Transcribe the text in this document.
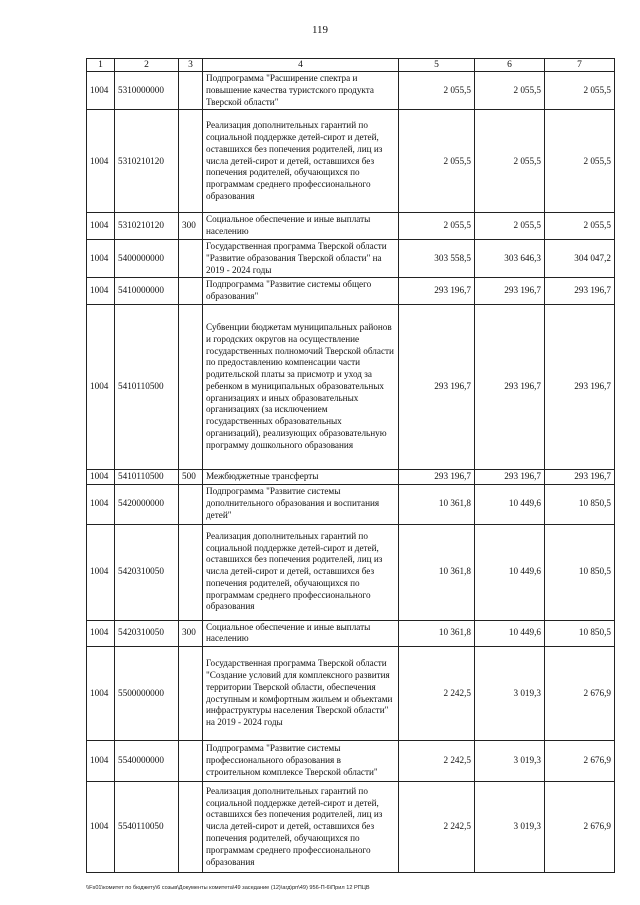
119
1	2	3	4	5	6	7
1004	5310000000		Подпрограмма "Расширение спектра и повышение качества туристского продукта Тверской области"	2 055,5	2 055,5	2 055,5
1004	5310210120		Реализация дополнительных гарантий по социальной поддержке детей-сирот и детей, оставшихся без попечения родителей, лиц из числа детей-сирот и детей, оставшихся без попечения родителей, обучающихся по программам среднего профессионального образования	2 055,5	2 055,5	2 055,5
1004	5310210120	300	Социальное обеспечение и иные выплаты населению	2 055,5	2 055,5	2 055,5
1004	5400000000		Государственная программа Тверской области "Развитие образования Тверской области" на 2019 - 2024 годы	303 558,5	303 646,3	304 047,2
1004	5410000000		Подпрограмма "Развитие системы общего образования"	293 196,7	293 196,7	293 196,7
1004	5410110500		Субвенции бюджетам муниципальных районов и городских округов на осуществление государственных полномочий Тверской области по предоставлению компенсации части родительской платы за присмотр и уход за ребенком в муниципальных образовательных организациях и иных образовательных организациях (за исключением государственных образовательных организаций), реализующих образовательную программу дошкольного образования	293 196,7	293 196,7	293 196,7
1004	5410110500	500	Межбюджетные трансферты	293 196,7	293 196,7	293 196,7
1004	5420000000		Подпрограмма "Развитие системы дополнительного образования и воспитания детей"	10 361,8	10 449,6	10 850,5
1004	5420310050		Реализация дополнительных гарантий по социальной поддержке детей-сирот и детей, оставшихся без попечения родителей, лиц из числа детей-сирот и детей, оставшихся без попечения родителей, обучающихся по программам среднего профессионального образования	10 361,8	10 449,6	10 850,5
1004	5420310050	300	Социальное обеспечение и иные выплаты населению	10 361,8	10 449,6	10 850,5
1004	5500000000		Государственная программа Тверской области "Создание условий для комплексного развития территории Тверской области, обеспечения доступным и комфортным жильем и объектами инфраструктуры населения Тверской области" на 2019 - 2024 годы	2 242,5	3 019,3	2 676,9
1004	5540000000		Подпрограмма "Развитие системы профессионального образования в строительном комплексе Тверской области"	2 242,5	3 019,3	2 676,9
1004	5540110050		Реализация дополнительных гарантий по социальной поддержке детей-сирот и детей, оставшихся без попечения родителей, лиц из числа детей-сирот и детей, оставшихся без попечения родителей, обучающихся по программам среднего профессионального образования	2 242,5	3 019,3	2 676,9
\\Fs01\комитет по бюджету\6 созыв\Документы комитета\49 заседание (12)\агд\рп\49) 956-П-6\Прил 12 РПЦВ
